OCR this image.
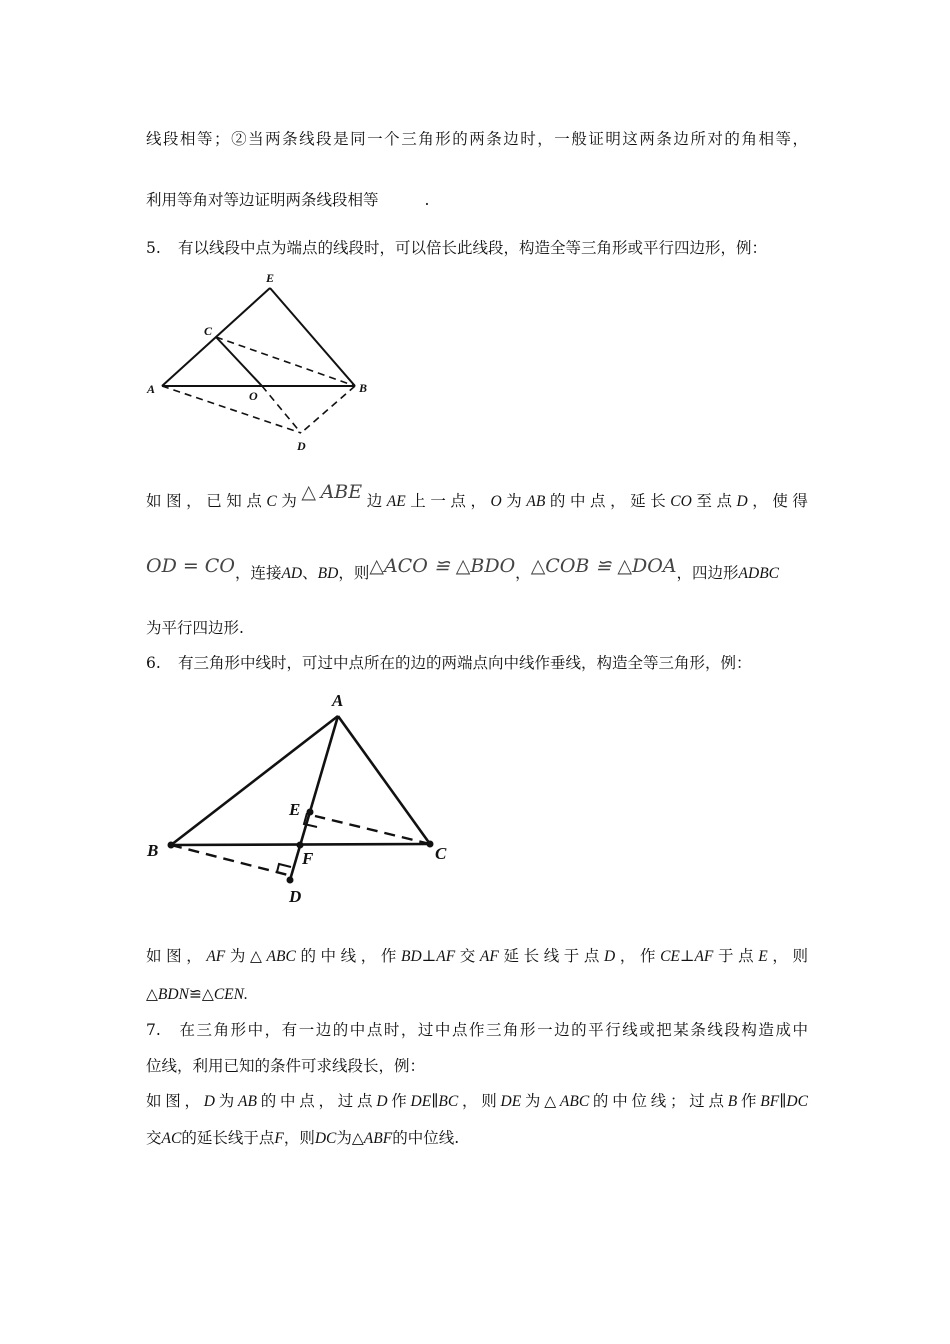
线段相等；②当两条线段是同一个三角形的两条边时，一般证明这两条边所对的角相等，
利用等角对等边证明两条线段相等	.
5. 有以线段中点为端点的线段时，可以倍长此线段，构造全等三角形或平行四边形，例：
E
C
A	O
B
D
如图，已知点C为△ABE边AE上一点，O为AB的中点，延长CO至点D，使得
OD = CO，连接AD、BD，则△ACO ≌ △BDO，△COB ≌ △DOA，四边形ADBC
为平行四边形.
6. 有三角形中线时，可过中点所在的边的两端点向中线作垂线，构造全等三角形，例：
A
E
B	F	C
D
如图，AF为△ABC的中线，作BD⊥AF交AF延长线于点D，作CE⊥AF于点E，则
△BDN≌△CEN.
7. 在三角形中，有一边的中点时，过中点作三角形一边的平行线或把某条线段构造成中
位线，利用已知的条件可求线段长，例：
如图，D为AB的中点，过点D作DE∥BC，则DE为△ABC的中位线；过点B作BF∥DC
交AC的延长线于点F，则DC为△ABF的中位线.
